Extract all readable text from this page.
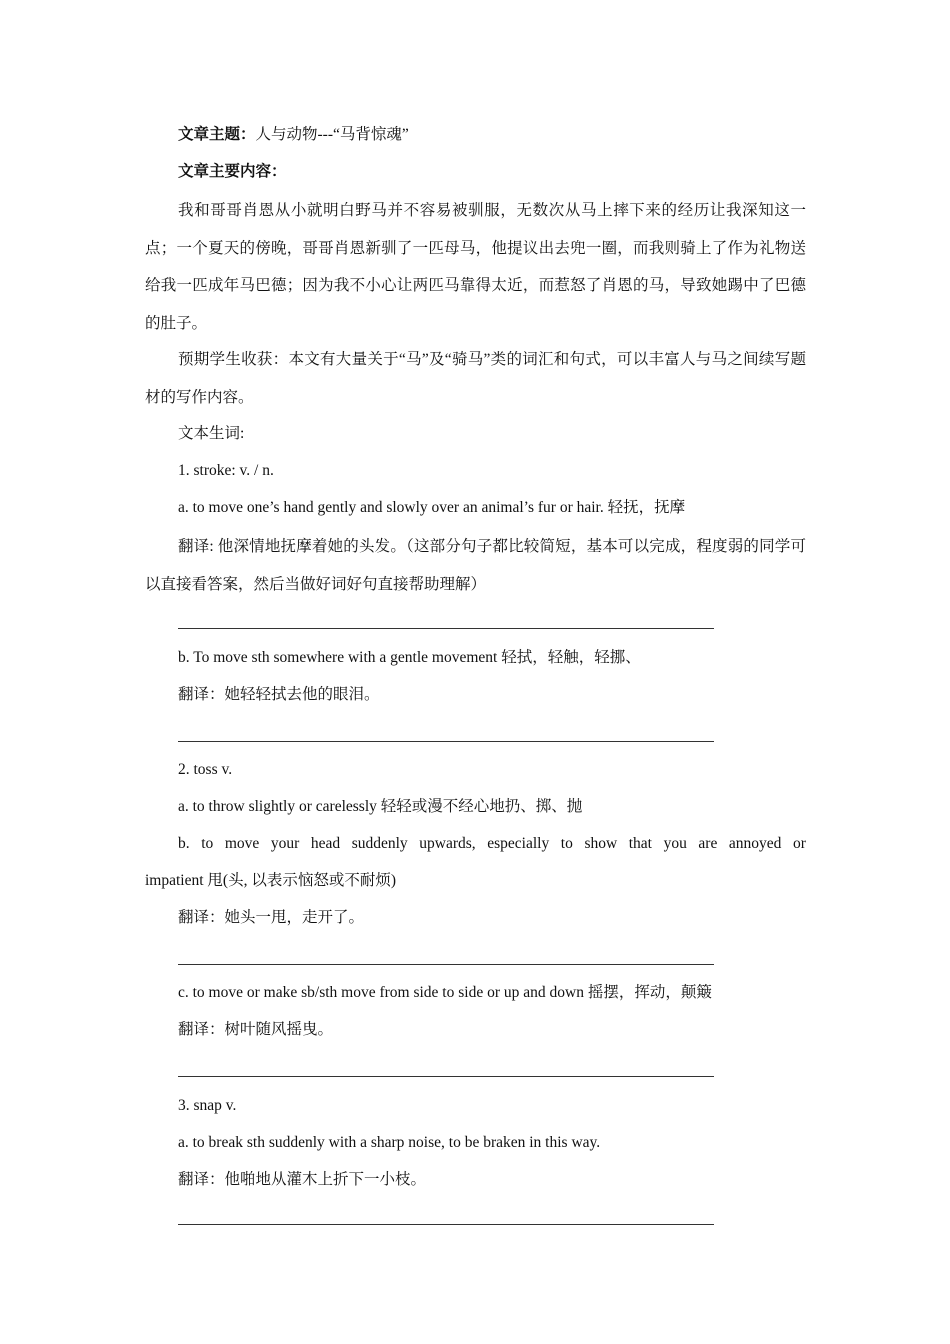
文章主题：人与动物---“马背惊魂”
文章主要内容：
我和哥哥肖恩从小就明白野马并不容易被驯服，无数次从马上摔下来的经历让我深知这一点；一个夏天的傍晚，哥哥肖恩新驯了一匹母马，他提议出去兜一圈，而我则骑上了作为礼物送给我一匹成年马巴德；因为我不小心让两匹马靠得太近，而惹怒了肖恩的马，导致她踢中了巴德的肚子。
预期学生收获：本文有大量关于“马”及“骑马”类的词汇和句式，可以丰富人与马之间续写题材的写作内容。
文本生词:
1. stroke: v. / n.
a. to move one’s hand gently and slowly over an animal’s fur or hair. 轻抚，抚摩
翻译: 他深情地抚摩着她的头发。（这部分句子都比较简短，基本可以完成，程度弱的同学可以直接看答案，然后当做好词好句直接帮助理解）
b. To move sth somewhere with a gentle movement 轻拭，轻触，轻挪、
翻译：她轻轻拭去他的眼泪。
2. toss v.
a. to throw slightly or carelessly 轻轻或漫不经心地扔、掷、抛
b. to move your head suddenly upwards, especially to show that you are annoyed or
impatient 甩(头, 以表示恼怒或不耐烦)
翻译：她头一甩，走开了。
c. to move or make sb/sth move from side to side or up and down 摇摆，挥动，颠簸
翻译：树叶随风摇曳。
3. snap v.
a. to break sth suddenly with a sharp noise, to be braken in this way.
翻译：他啪地从灌木上折下一小枝。
